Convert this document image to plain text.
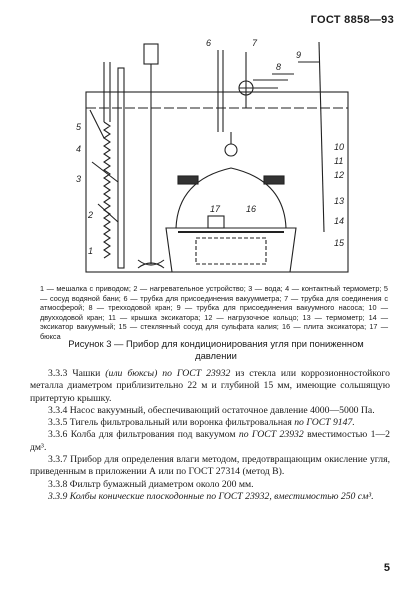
ГОСТ 8858—93
1
2
3
4
5
6	7
8
9
10
11
12
13
14
15
16
17
1 — мешалка с приводом; 2 — нагревательное устройство; 3 — вода; 4 — контактный термометр; 5 — сосуд водяной бани; 6 — трубка для присоединения вакуумметра; 7 — трубка для соединения с атмосферой; 8 — трехходовой кран; 9 — трубка для присоединения вакуумного насоса; 10 — двухходовой кран; 11 — крышка эксикатора; 12 — нагрузочное кольцо; 13 — термометр; 14 — эксикатор вакуумный; 15 — стеклянный сосуд для сульфата калия; 16 — плита эксикатора; 17 — бюкса
Рисунок 3 — Прибор для кондиционирования угля при пониженном давлении

3.3.3 Чашки (или бюксы) по ГОСТ 23932 из стекла или коррозионностойкого металла диаметром приблизительно 22 м и глубиной 15 мм, имеющие сольшящую притертую крышку.

3.3.4 Насос вакуумный, обеспечивающий остаточное давление 4000—5000 Па.

3.3.5 Тигель фильтровальный или воронка фильтровальная по ГОСТ 9147.

3.3.6 Колба для фильтрования под вакуумом по ГОСТ 23932 вместимостью 1—2 дм³.

3.3.7 Прибор для определения влаги методом, предотвращающим окисление угля, приведенным в приложении А или по ГОСТ 27314 (метод В).

3.3.8 Фильтр бумажный диаметром около 200 мм.

3.3.9 Колбы конические плоскодонные по ГОСТ 23932, вместимостью 250 см³.

5
